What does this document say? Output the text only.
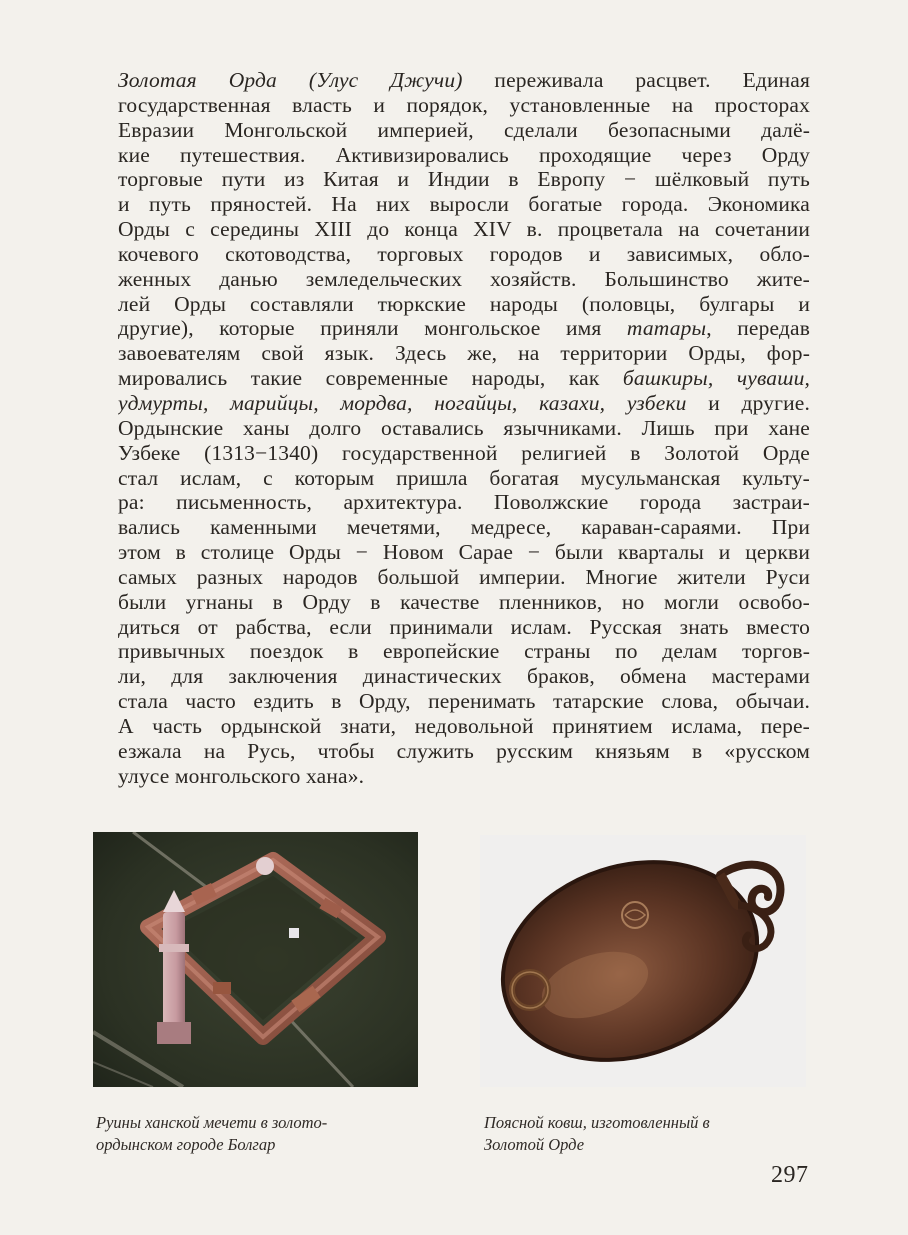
Золотая Орда (Улус Джучи) переживала расцвет. Единая
государственная власть и порядок, установленные на просторах
Евразии Монгольской империей, сделали безопасными далё-
кие путешествия. Активизировались проходящие через Орду
торговые пути из Китая и Индии в Европу − шёлковый путь
и путь пряностей. На них выросли богатые города. Экономика
Орды с середины XIII до конца XIV в. процветала на сочетании
кочевого скотоводства, торговых городов и зависимых, обло-
женных данью земледельческих хозяйств. Большинство жите-
лей Орды составляли тюркские народы (половцы, булгары и
другие), которые приняли монгольское имя татары, передав
завоевателям свой язык. Здесь же, на территории Орды, фор-
мировались такие современные народы, как башкиры, чуваши,
удмурты, марийцы, мордва, ногайцы, казахи, узбеки и другие.
Ордынские ханы долго оставались язычниками. Лишь при хане
Узбеке (1313−1340) государственной религией в Золотой Орде
стал ислам, с которым пришла богатая мусульманская культу-
ра: письменность, архитектура. Поволжские города застраи-
вались каменными мечетями, медресе, караван-сараями. При
этом в столице Орды − Новом Сарае − были кварталы и церкви
самых разных народов большой империи. Многие жители Руси
были угнаны в Орду в качестве пленников, но могли освобо-
диться от рабства, если принимали ислам. Русская знать вместо
привычных поездок в европейские страны по делам торгов-
ли, для заключения династических браков, обмена мастерами
стала часто ездить в Орду, перенимать татарские слова, обычаи.
А часть ордынской знати, недовольной принятием ислама, пере-
езжала на Русь, чтобы служить русским князьям в «русском
улусе монгольского хана».
Руины ханской мечети в золото-
ордынском городе Болгар
Поясной ковш, изготовленный в
Золотой Орде
297
